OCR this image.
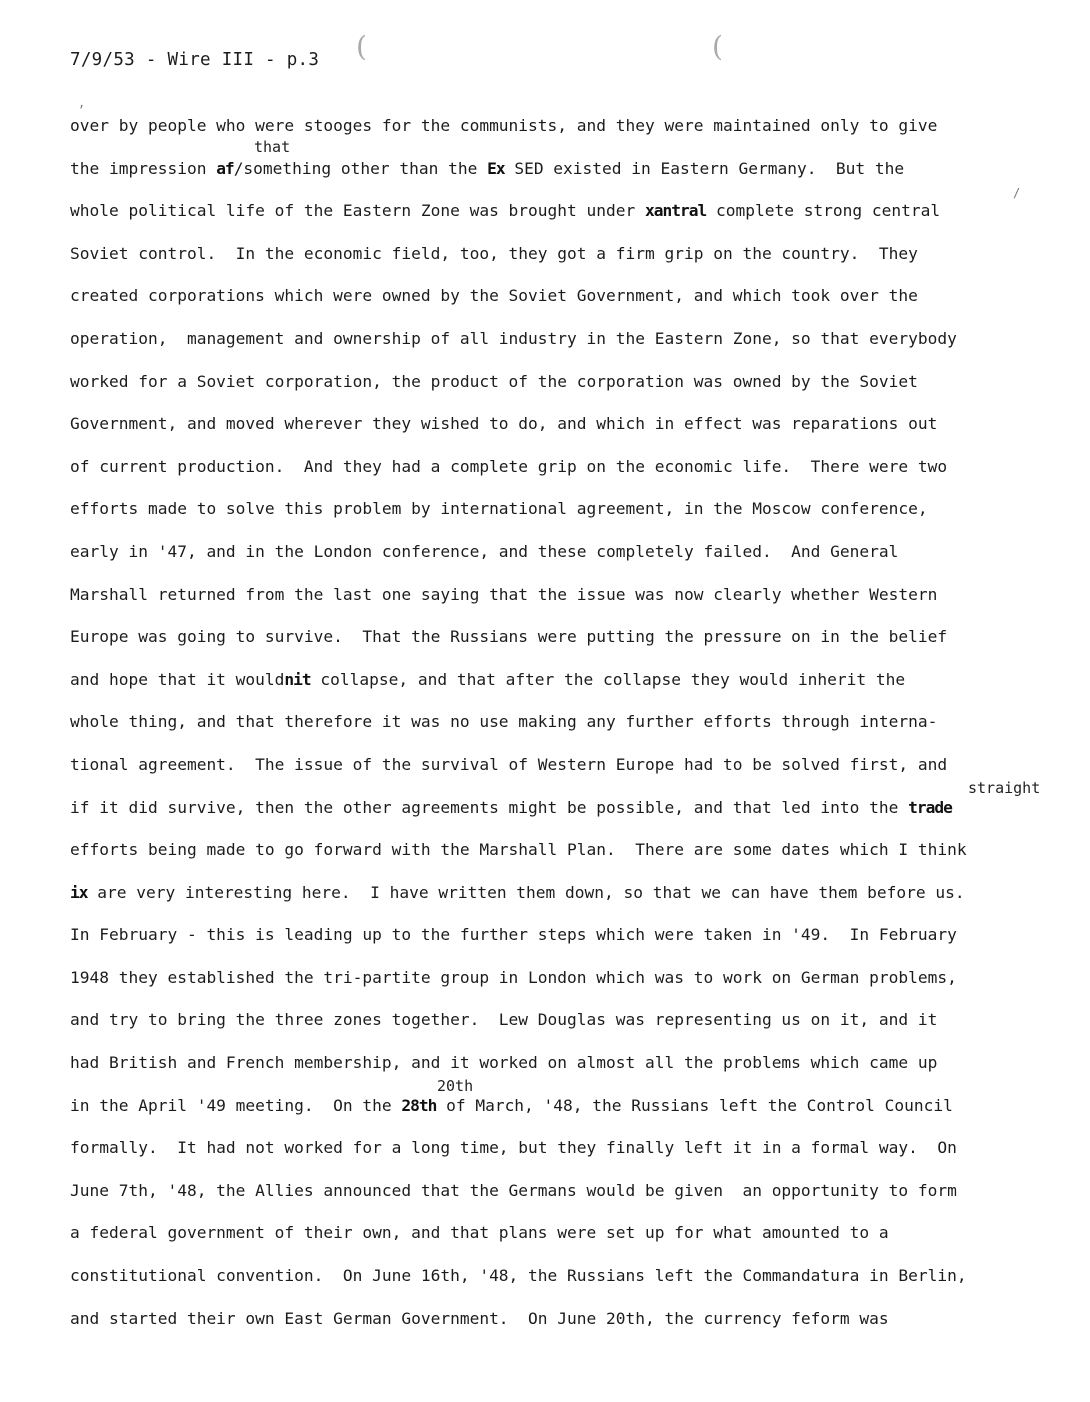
(	(
,
/
7/9/53 - Wire III - p.3
that
straight
20th
over by people who were stooges for the communists, and they were maintained only to give
the impression af/something other than the Ex SED existed in Eastern Germany.  But the
whole political life of the Eastern Zone was brought under xantral complete strong central
Soviet control.  In the economic field, too, they got a firm grip on the country.  They
created corporations which were owned by the Soviet Government, and which took over the
operation,  management and ownership of all industry in the Eastern Zone, so that everybody
worked for a Soviet corporation, the product of the corporation was owned by the Soviet
Government, and moved wherever they wished to do, and which in effect was reparations out
of current production.  And they had a complete grip on the economic life.  There were two
efforts made to solve this problem by international agreement, in the Moscow conference,
early in '47, and in the London conference, and these completely failed.  And General
Marshall returned from the last one saying that the issue was now clearly whether Western
Europe was going to survive.  That the Russians were putting the pressure on in the belief
and hope that it wouldnit collapse, and that after the collapse they would inherit the
whole thing, and that therefore it was no use making any further efforts through interna-
tional agreement.  The issue of the survival of Western Europe had to be solved first, and
if it did survive, then the other agreements might be possible, and that led into the trade
efforts being made to go forward with the Marshall Plan.  There are some dates which I think
ix are very interesting here.  I have written them down, so that we can have them before us.
In February - this is leading up to the further steps which were taken in '49.  In February
1948 they established the tri-partite group in London which was to work on German problems,
and try to bring the three zones together.  Lew Douglas was representing us on it, and it
had British and French membership, and it worked on almost all the problems which came up
in the April '49 meeting.  On the 28th of March, '48, the Russians left the Control Council
formally.  It had not worked for a long time, but they finally left it in a formal way.  On
June 7th, '48, the Allies announced that the Germans would be given  an opportunity to form
a federal government of their own, and that plans were set up for what amounted to a
constitutional convention.  On June 16th, '48, the Russians left the Commandatura in Berlin,
and started their own East German Government.  On June 20th, the currency feform was
